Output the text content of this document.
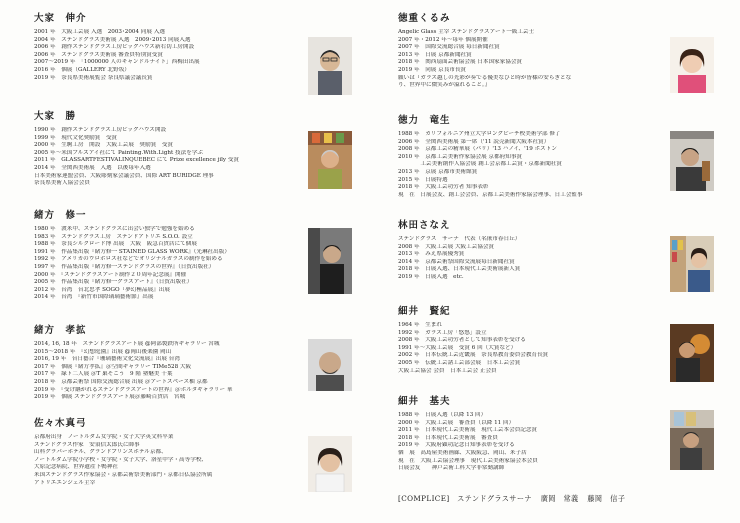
大家　伸介
2001 年　大阪工芸展 入選　2003･2004 同展 入選
2004 年　ステンドグラス美術展 入選　2009･2013 同展入選
2006 年　創作ステンドグラス工房ビッグハウス新右切工房開設
2006 年　ステンドグラス美術展 審査員特別賞受賞
2007～2019 年　「1000000 人のキャンドルナイト」西梅田出展
2016 年　個展（GALLERY 北野坂）
2019 年　奈良県美術展覧会 奈良県議会議長賞
大家　勝
1990 年　創作ステンドグラス工房ビッグハウス開設
1999 年　現代文化奨励賞　受賞
2000 年　生駒工房　開設　大阪工芸展　奨励賞　受賞
2005 年～米国ブルズアイ社にて Painting.With.Light 技法を学ぶ
2011 年　GLASSARTFESTIVALINQUEBEC にて Prize excellence jily 受賞
2014 年　全関西美術展　入選　以後毎年入選
日本美術家連盟会員、大阪彫刻家会議会員、国際 ART BURIDGE 理事
奈良県美術人協会会員
緒方　修一
1980 年　渡米中、ステンドグラスに出会い独学で勉強を始める
1983 年　ステンドグラス工房　ステンドアトリエ S.O.O. 設立
1988 年　奈良シルクロード博 出展　大阪　阪急百貨店にて個展
1991 年　作品集出版『緒方修一 STAINED GLASS WORK』（光琳社出版）
1992 年　アメリカのウロボロス社などでオリジナルガラスの制作を始める
1997 年　作品集出版『緒方修一ステンドグラスの世界』（日賀出版社）
2000 年　『ステンドグラスアート制作２０周年記念展』開催
2005 年　作品集出版『緒方修一グラスアート』（日賀出版社）
2012 年　台湾　台北忠孝 SOGO『夢幻極品展』出展
2014 年　台湾　『新竹市国際璃璃藝術節』出展
緒方　孝拡
2014, 16, 18 年　ステンドグラスアート展 @阿部製鉄所ギャラリー 宮城
2015～2018 年　『幻想庭園』出展 @岡山後楽園 岡山
2016, 19 年　台日藝合『珊璃藝術文化交流展』出展 台湾
2017 年　個展『緒方孝拡』＠空間ギャラリー TIMe528 大阪
2017 年　緑ト二人展 ＠T 巣そごう　9 階 塾魅美 千葉
2018 年　京都芸術祭 国際交流総合展 出展 ＠アートスペース柚 京都
2019 年　『受け継がれるステンドグラスアートの世界』＠ボルタギャラリー 華
2019 年　個展 ステンドグラスアート展＠藤崎百貨店　宮城
佐々木真弓
京都府出身　ノートルダム女学院・女子大学英文科卒業
ステンドグラス作家　安須信太郎氏に師事
山科グラバーホテル、グランドプリンスホテル京都、
ノートルダム学院小学校・女学院・女子大学、洛星中学・高等学校、
大原記念病院、世界遺産下鴨神社
米国ステンドグラス作家協会・京都芸術祭美術部門・京都日仏協会所属
アトリエエンジェル主宰
徳重くるみ
Angelic Glass 主宰 ステンドグラスアート一級工芸士
2007 年・2012 年～毎年 個展開催
2007 年　国際交流総合展 毎日新聞社賞
2013 年　日展 京都新聞社賞
2018 年　関西扇面芸術協会展 日本国家家協会賞
2019 年　同展 京良市長賞
願いは『ガラス越しの光彩が奏でる優美なひと時が皆様の安らぎとな
り、世界中に微笑みが溢れること。』
徳力　竜生
1988 年　カリフォルニア州立大学ロングビーチ校美術学部 修了
2006 年　全関西美術展 第一席（'11 読売新聞大阪本社賞）
2008 年　京都工芸の精華展（パリ）'13 ハノイ、'19 ボストン
2010 年　京都工芸美術作家協会展 京都府知事賞
　　　　工芸美術創作人協会展 創工会京都工芸賞・京都新聞社賞
2013 年　京展 京都市美術館賞
2015 年　日展特選
2018 年　大阪工芸功労者 知事表彰
現　在　日展会友、創工会会員、京都工芸美術作家協会理事、日工会監事
林田さなえ
ステンドグラス　サーナ　代表（名嵌市春日丘）
2008 年　大阪工芸展 大阪工芸協会賞
2013 年　みえ県展優秀賞
2014 年　京都芸術祭国際交流展毎日新聞社賞
2018 年　日展入選、日本現代工芸美術展新人賞
2019 年　日展入選　etc.
細井　賢紀
1964 年　生まれ
1992 年　ガラス工房「悠悠」設立
2008 年　大阪工芸功労者として知事表彰を受ける
1991 年～大阪工芸展　受賞 6 回（大賞など）
2002 年　日本伝統工芸近畿展　奈良県教育委員会教育長賞
2005 年　伝統工芸諸工芸部会展　日本工芸会賞
大阪工芸協会 会員　日本工芸会 正会員
細井　基夫
1988 年　日展入選（以降 13 回）
2000 年　大阪工芸展　審査員（以降 11 回）
2011 年　日本現代工芸美術展　現代工芸本会員記念賞
2018 年　日本現代工芸美術展　審査員
2019 年　大阪府顕功記念日知事表彰を受ける
個　展　高島屋美術画廊、大阪阪急、岡山、米子店
現　在　大阪工芸協会理事　現代工芸美術家協会本会員
日展会友　　神戸芸術工科大学非常勤講師
[COMPLICE]　ステンドグラスサーナ 廣岡　常義 藤岡　信子
